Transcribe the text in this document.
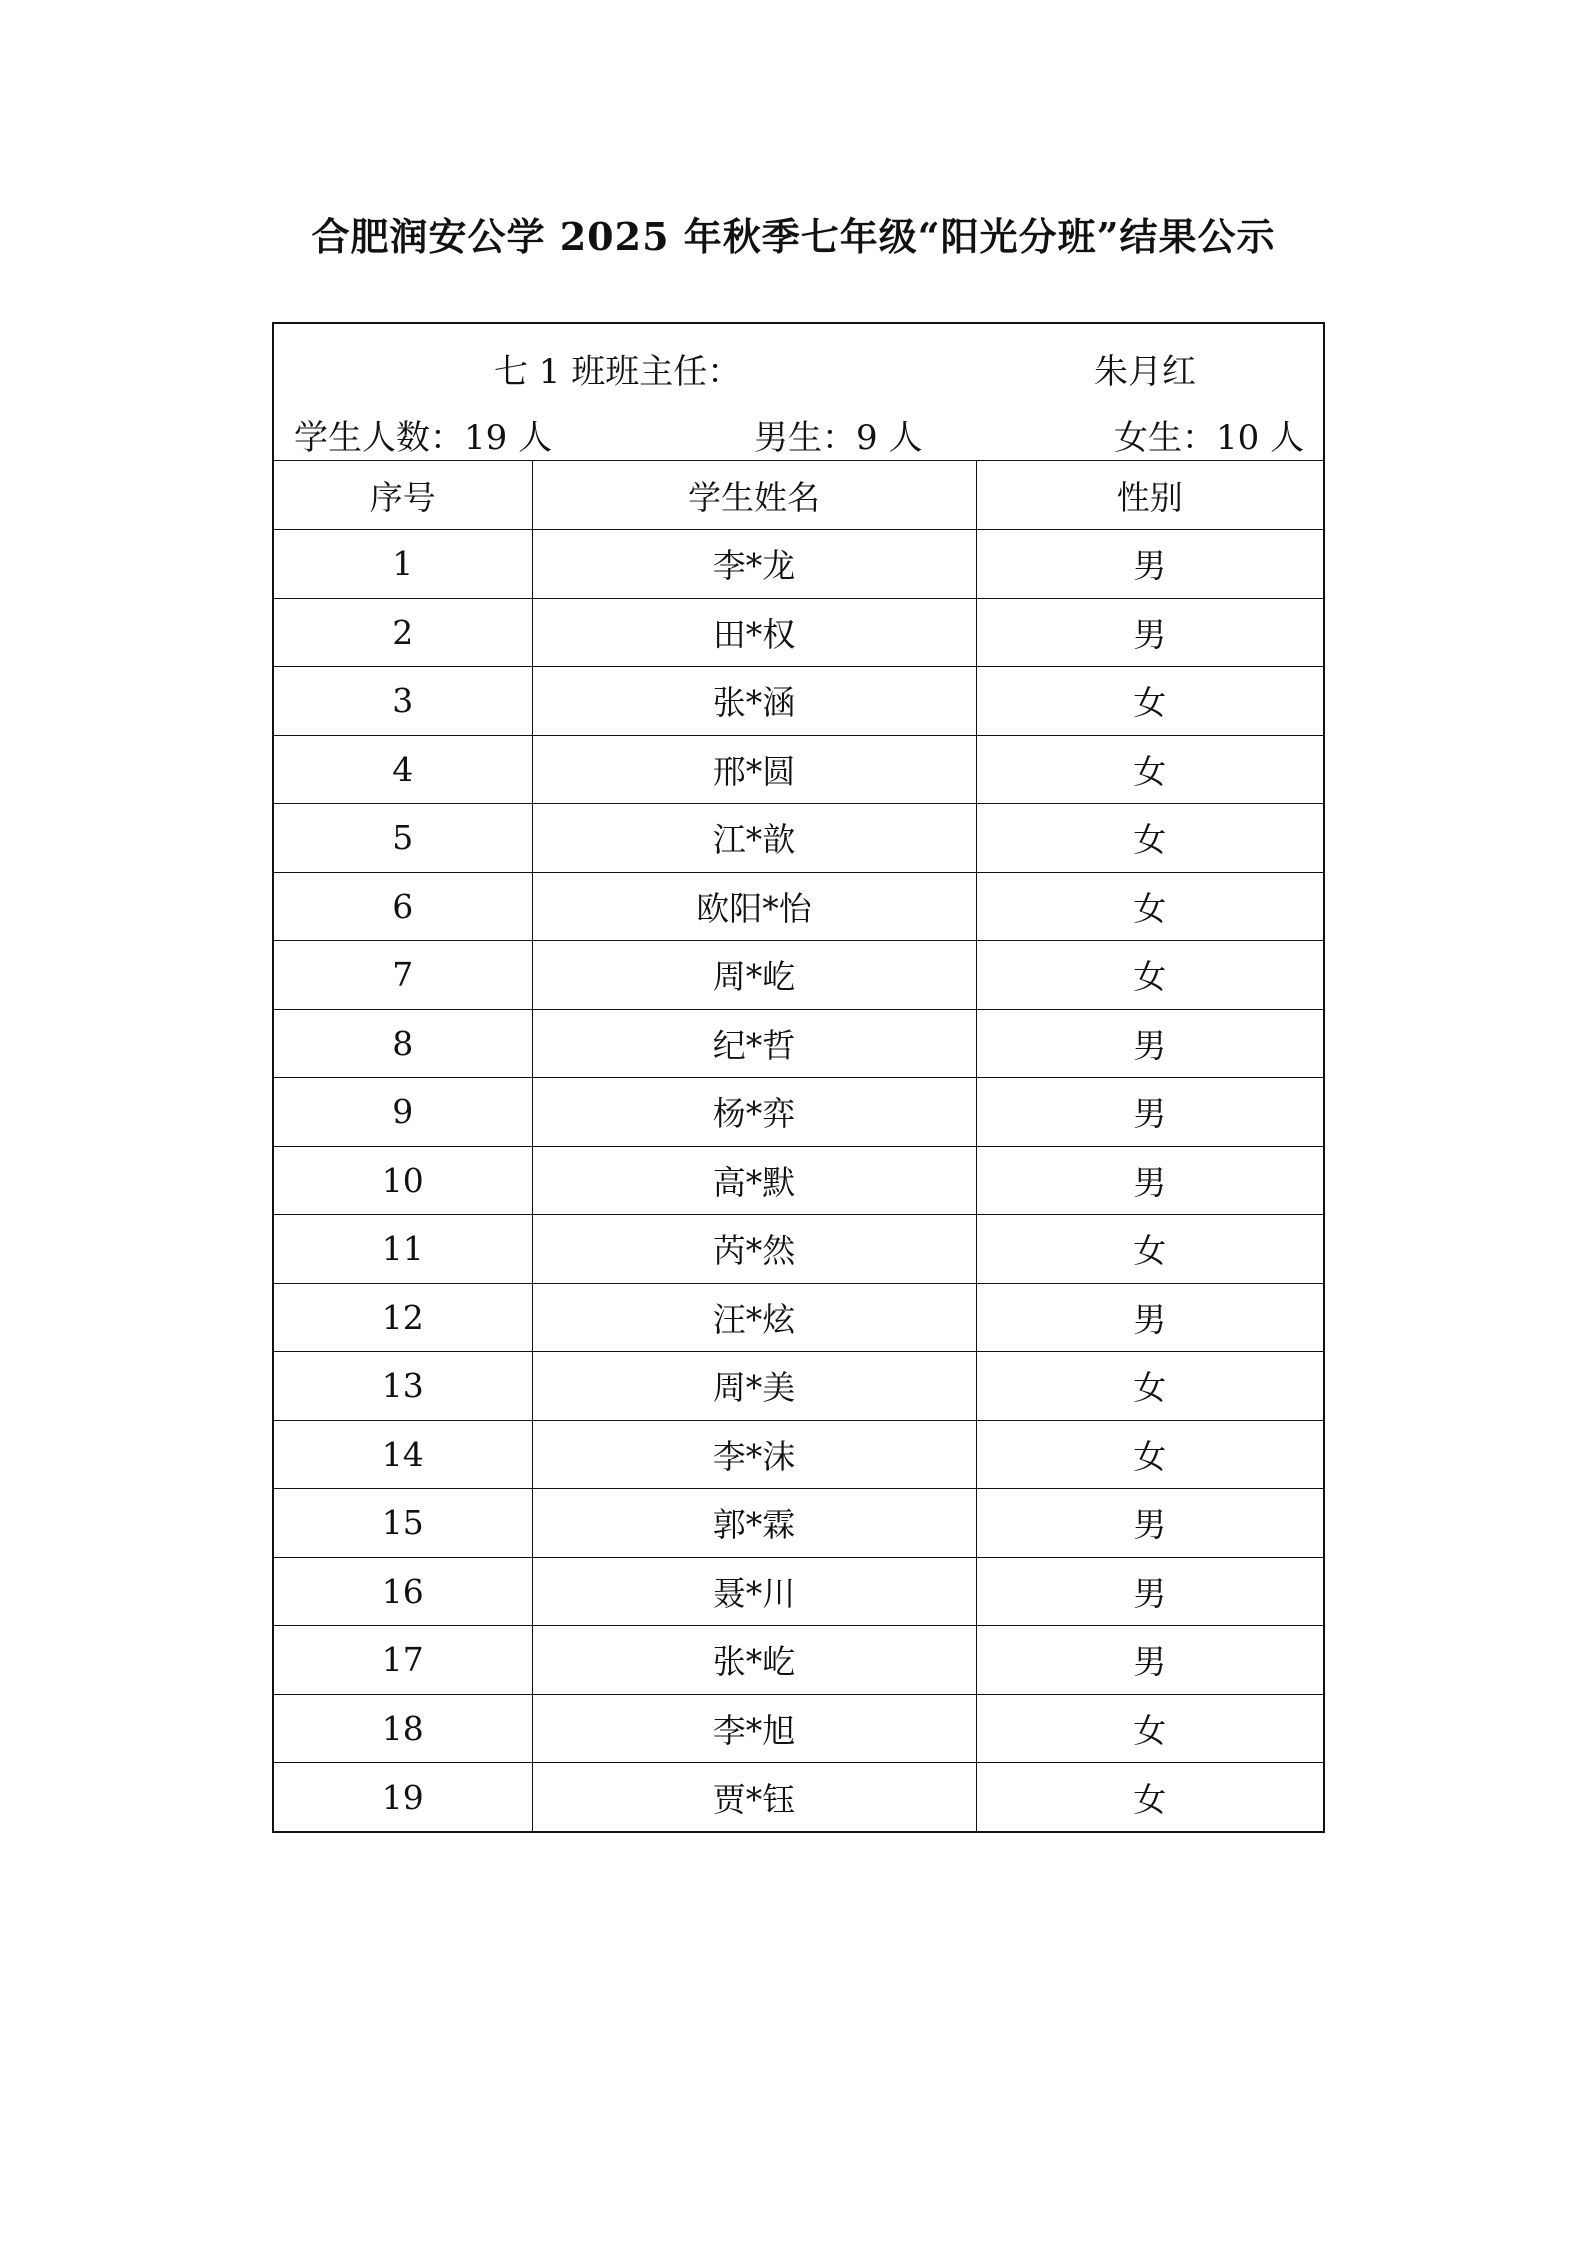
合肥润安公学 2025 年秋季七年级“阳光分班”结果公示
七 1 班班主任：	朱月红
学生人数：19 人	男生：9 人	女生：10 人
序号	学生姓名	性别
1	李*龙	男
2	田*权	男
3	张*涵	女
4	邢*圆	女
5	江*歆	女
6	欧阳*怡	女
7	周*屹	女
8	纪*哲	男
9	杨*弈	男
10	高*默	男
11	芮*然	女
12	汪*炫	男
13	周*美	女
14	李*沫	女
15	郭*霖	男
16	聂*川	男
17	张*屹	男
18	李*旭	女
19	贾*钰	女
